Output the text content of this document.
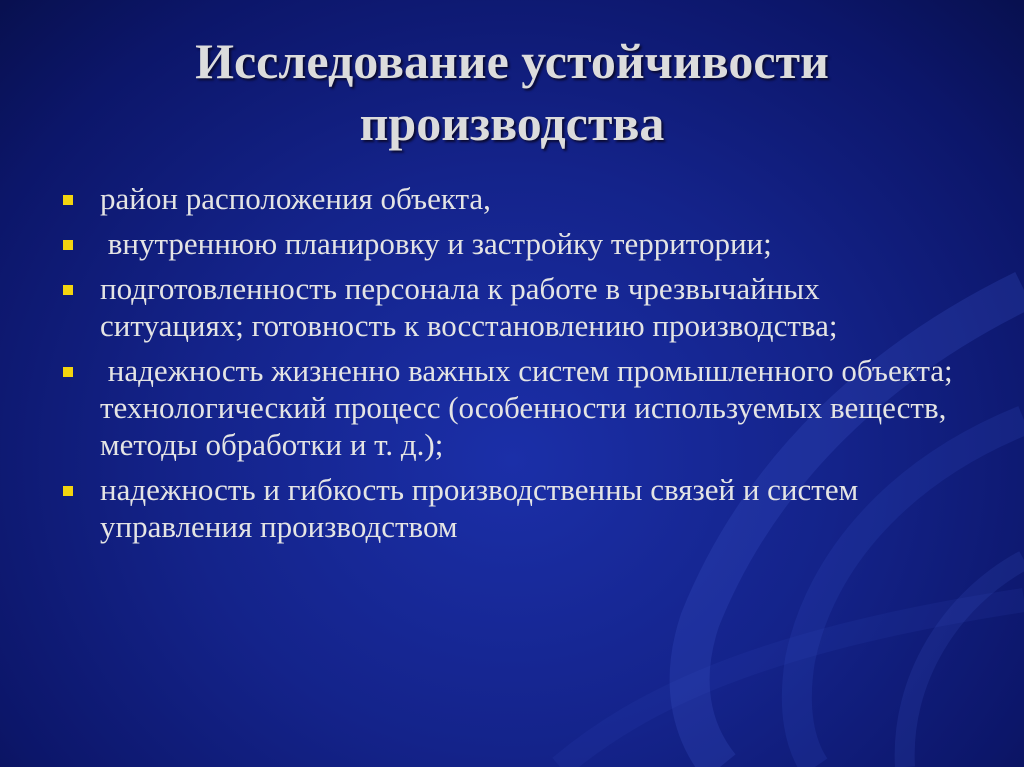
Исследование устойчивости
производства
район расположения объекта,
внутреннюю планировку и застройку территории;
подготовленность персонала к работе в чрезвычайных ситуациях; готовность к восстановлению производства;
надежность жизненно важных систем промышленного объекта; технологический процесс (особенности используемых веществ, методы обработки и т. д.);
надежность и гибкость производственны связей и систем управления производством
